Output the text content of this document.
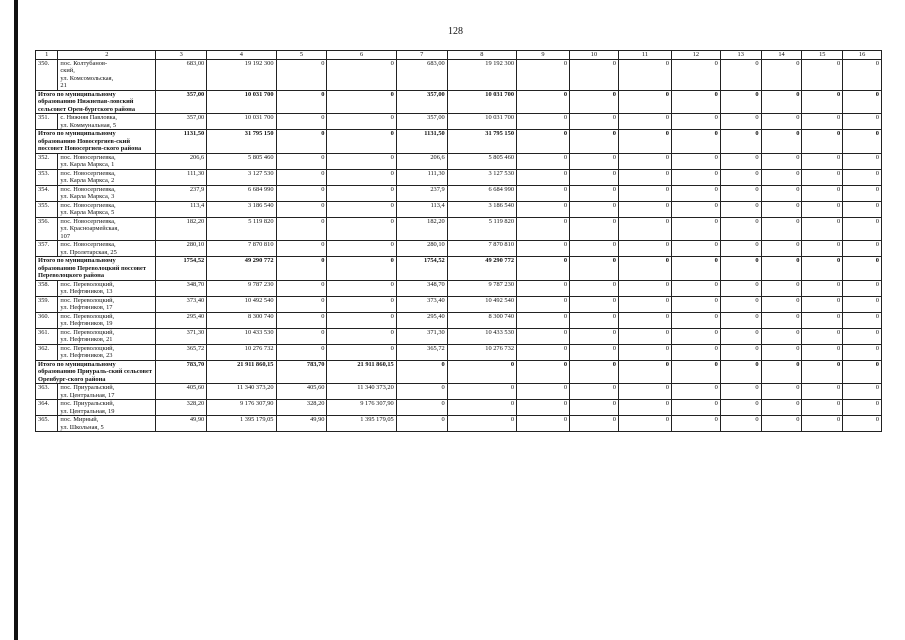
128
1	2	3	4	5	6	7	8	9	10	11	12	13	14	15	16
350.	пос. Колтубанов-
ский,
ул. Комсомольская,
21	683,00	19 192 300	0	0	683,00	19 192 300	0	0	0	0	0	0	0	0
Итого по муниципальному образованию Нижнепав-ловский сельсовет Орен-бургского района		357,00	10 031 700	0	0	357,00	10 031 700	0	0	0	0	0	0	0	0
351.	с. Нижняя Павловка,
ул. Коммунальная, 5	357,00	10 031 700	0	0	357,00	10 031 700	0	0	0	0	0	0	0	0
Итого по муниципальному образованию Новосергиев-ский поссовет Новосергиев-ского района		1131,50	31 795 150	0	0	1131,50	31 795 150	0	0	0	0	0	0	0	0
352.	пос. Новосергиевка,
ул. Карла Маркса, 1	206,6	5 805 460	0	0	206,6	5 805 460	0	0	0	0	0	0	0	0
353.	пос. Новосергиевка,
ул. Карла Маркса, 2	111,30	3 127 530	0	0	111,30	3 127 530	0	0	0	0	0	0	0	0
354.	пос. Новосергиевка,
ул. Карла Маркса, 3	237,9	6 684 990	0	0	237,9	6 684 990	0	0	0	0	0	0	0	0
355.	пос. Новосергиевка,
ул. Карла Маркса, 5	113,4	3 186 540	0	0	113,4	3 186 540	0	0	0	0	0	0	0	0
356.	пос. Новосергиевка,
ул. Красноармейская,
107	182,20	5 119 820	0	0	182,20	5 119 820	0	0	0	0	0	0	0	0
357.	пос. Новосергиевка,
ул. Пролетарская, 25	280,10	7 870 810	0	0	280,10	7 870 810	0	0	0	0	0	0	0	0
Итого по муниципальному образованию Переволоцкий поссовет Переволоцкого района		1754,52	49 290 772	0	0	1754,52	49 290 772	0	0	0	0	0	0	0	0
358.	пос. Переволоцкий,
ул. Нефтяников, 13	348,70	9 787 230	0	0	348,70	9 787 230	0	0	0	0	0	0	0	0
359.	пос. Переволоцкий,
ул. Нефтяников, 17	373,40	10 492 540	0	0	373,40	10 492 540	0	0	0	0	0	0	0	0
360.	пос. Переволоцкий,
ул. Нефтяников, 19	295,40	8 300 740	0	0	295,40	8 300 740	0	0	0	0	0	0	0	0
361.	пос. Переволоцкий,
ул. Нефтяников, 21	371,30	10 433 530	0	0	371,30	10 433 530	0	0	0	0	0	0	0	0
362.	пос. Переволоцкий,
ул. Нефтяников, 23	365,72	10 276 732	0	0	365,72	10 276 732	0	0	0	0	0	0	0	0
Итого по муниципальному образованию Приураль-ский сельсовет Оренбург-ского района		783,70	21 911 860,15	783,70	21 911 860,15	0	0	0	0	0	0	0	0	0	0
363.	пос. Приуральский,
ул. Центральная, 17	405,60	11 340 373,20	405,60	11 340 373,20	0	0	0	0	0	0	0	0	0	0
364.	пос. Приуральский,
ул. Центральная, 19	328,20	9 176 307,90	328,20	9 176 307,90	0	0	0	0	0	0	0	0	0	0
365.	пос. Мирный,
ул. Школьная, 5	49,90	1 395 179,05	49,90	1 395 179,05	0	0	0	0	0	0	0	0	0	0
